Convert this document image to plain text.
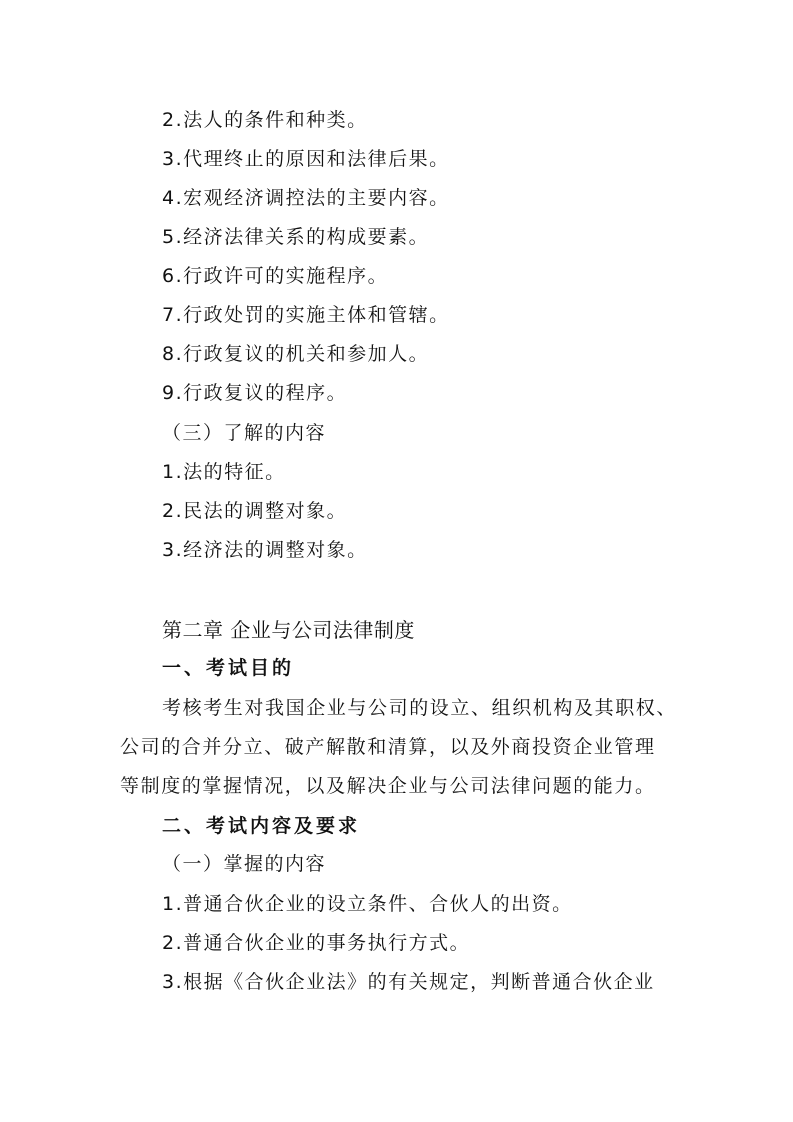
2.法人的条件和种类。
3.代理终止的原因和法律后果。
4.宏观经济调控法的主要内容。
5.经济法律关系的构成要素。
6.行政许可的实施程序。
7.行政处罚的实施主体和管辖。
8.行政复议的机关和参加人。
9.行政复议的程序。
（三）了解的内容
1.法的特征。
2.民法的调整对象。
3.经济法的调整对象。
第二章 企业与公司法律制度
一、考试目的
考核考生对我国企业与公司的设立、组织机构及其职权、
公司的合并分立、破产解散和清算，以及外商投资企业管理
等制度的掌握情况，以及解决企业与公司法律问题的能力。
二、考试内容及要求
（一）掌握的内容
1.普通合伙企业的设立条件、合伙人的出资。
2.普通合伙企业的事务执行方式。
3.根据《合伙企业法》的有关规定，判断普通合伙企业
